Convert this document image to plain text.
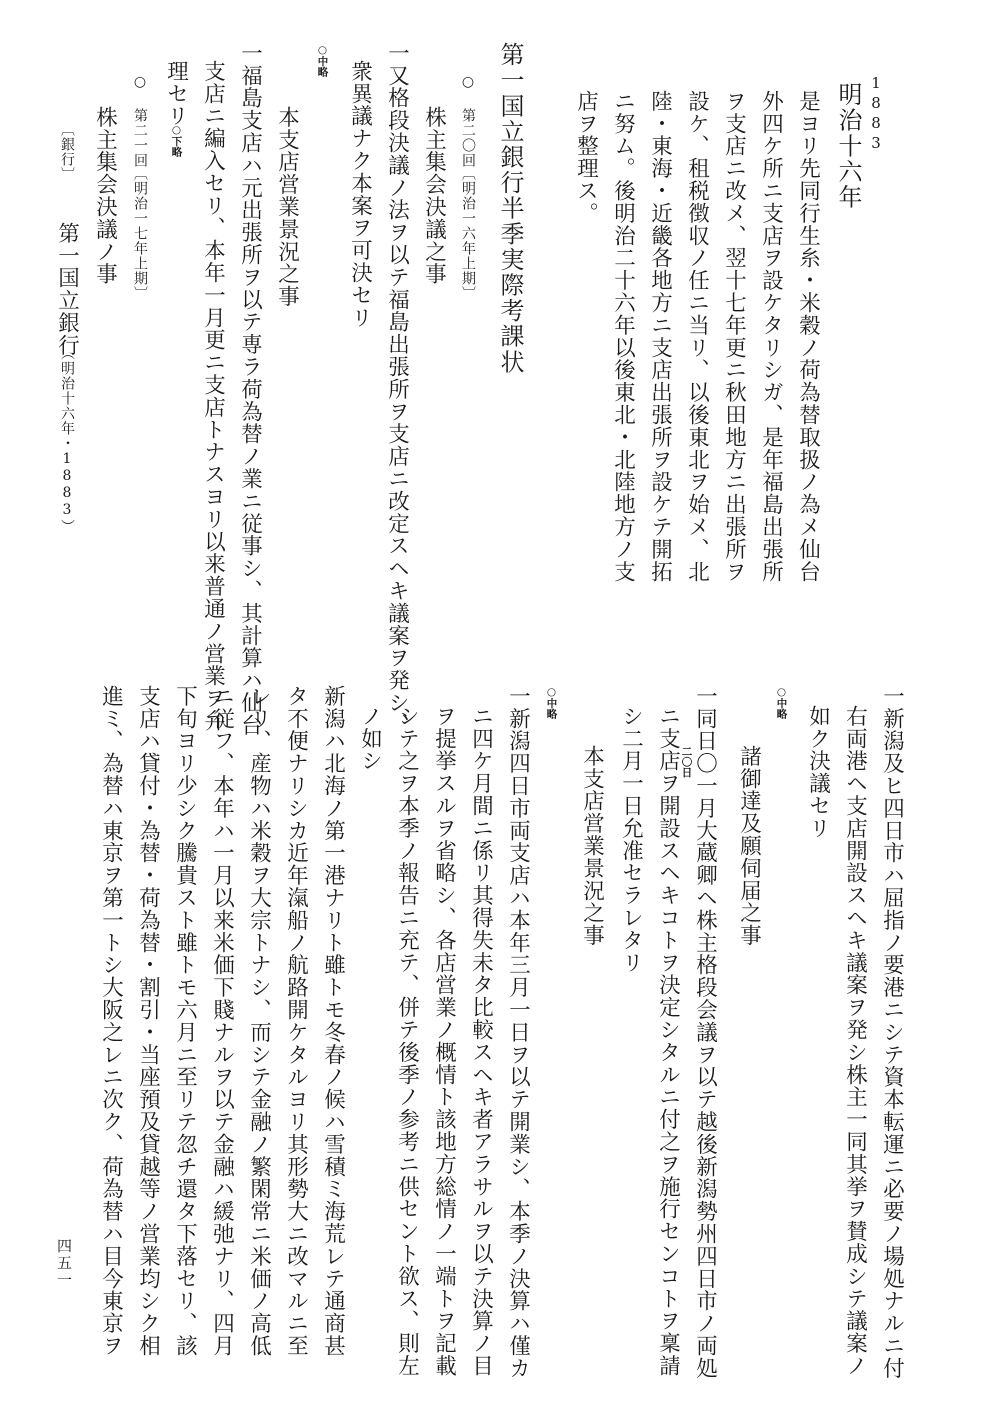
1883
明治十六年
是ヨリ先同行生糸・米穀ノ荷為替取扱ノ為メ仙台
外四ケ所ニ支店ヲ設ケタリシガ、是年福島出張所
ヲ支店ニ改メ、翌十七年更ニ秋田地方ニ出張所ヲ
設ケ、租税徴収ノ任ニ当リ、以後東北ヲ始メ、北
陸・東海・近畿各地方ニ支店出張所ヲ設ケテ開拓
ニ努ム。後明治二十六年以後東北・北陸地方ノ支
店ヲ整理ス。
第一国立銀行半季実際考課状
○ 第二〇回
〔明治一六年上期〕
株主集会決議之事
一又格段決議ノ法ヲ以テ福島出張所ヲ支店ニ改定スヘキ議案ヲ発シ、
衆異議ナク本案ヲ可決セリ
○中略
本支店営業景況之事
一福島支店ハ元出張所ヲ以テ専ラ荷為替ノ業ニ従事シ、其計算ハ仙台
支店ニ編入セリ、本年一月更ニ支店トナスヨリ以来普通ノ営業ヲ弁
理セリ
○下略
○ 第二一回
〔明治一七年上期〕
株主集会決議ノ事
〔銀行〕
第一国立銀行
（明治十六年・1883）
一新潟及ヒ四日市ハ屈指ノ要港ニシテ資本転運ニ必要ノ場処ナルニ付
右両港ヘ支店開設スヘキ議案ヲ発シ株主一同其挙ヲ賛成シテ議案ノ
如ク決議セリ
○中略
諸御達及願伺届之事
一同日〇一月大蔵卿ヘ株主格段会議ヲ以テ越後新潟勢州四日市ノ両処
二〇日
ニ支店ヲ開設スヘキコトヲ決定シタルニ付之ヲ施行センコトヲ稟請
シ二月一日允准セラレタリ
本支店営業景況之事
○中略
一新潟四日市両支店ハ本年三月一日ヲ以テ開業シ、本季ノ決算ハ僅カ
ニ四ケ月間ニ係リ其得失未タ比較スヘキ者アラサルヲ以テ決算ノ目
ヲ提挙スルヲ省略シ、各店営業ノ概情ト該地方総情ノ一端トヲ記載
シテ之ヲ本季ノ報告ニ充テ、併テ後季ノ参考ニ供セント欲ス、則左
ノ如シ
新潟ハ北海ノ第一港ナリト雖トモ冬春ノ候ハ雪積ミ海荒レテ通商甚
タ不便ナリシカ近年滊船ノ航路開ケタルヨリ其形勢大ニ改マルニ至
レリ、産物ハ米穀ヲ大宗トナシ、而シテ金融ノ繁閑常ニ米価ノ高低
ニ従フ、本年ハ一月以来米価下賤ナルヲ以テ金融ハ緩弛ナリ、四月
下旬ヨリ少シク騰貴スト雖トモ六月ニ至リテ忽チ還タ下落セリ、該
支店ハ貸付・為替・荷為替・割引・当座預及貸越等ノ営業均シク相
進ミ、為替ハ東京ヲ第一トシ大阪之レニ次ク、荷為替ハ目今東京ヲ
四五一
